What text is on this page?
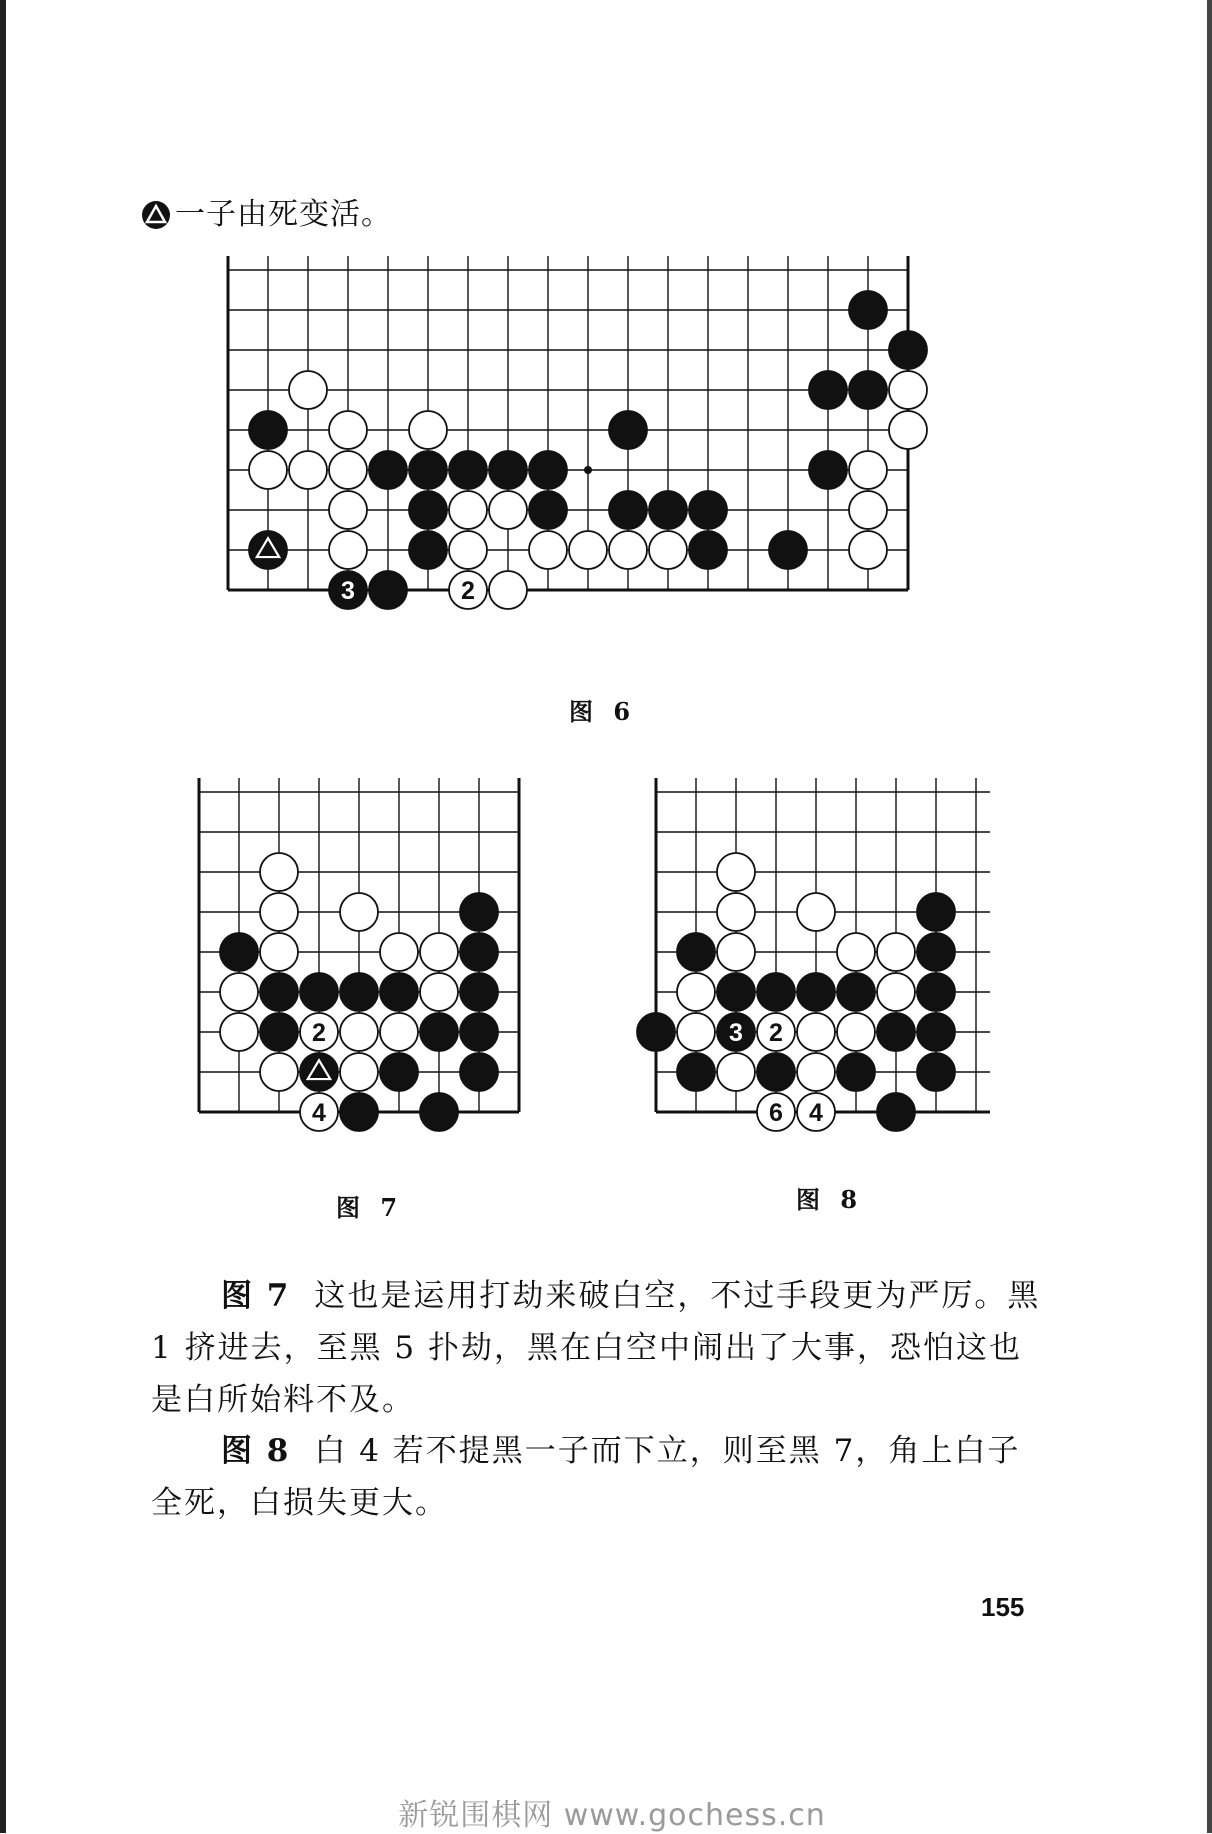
一子由死变活。
3	2
图 6
2
4
图 7
3 2
6 4
图 8
图 7 这也是运用打劫来破白空，不过手段更为严厉。黑 1 挤进去，至黑 5 扑劫，黑在白空中闹出了大事，恐怕这也是白所始料不及。
图 8 白 4 若不提黑一子而下立，则至黑 7，角上白子全死，白损失更大。
155
新锐围棋网 www.gochess.cn
